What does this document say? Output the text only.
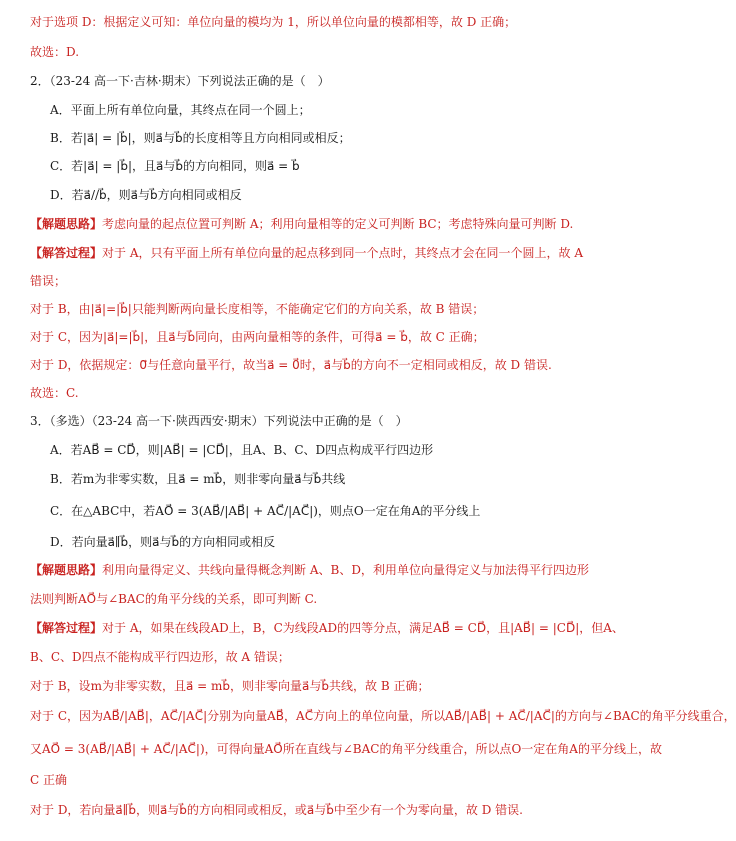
对于选项 D：根据定义可知：单位向量的模均为 1，所以单位向量的模都相等，故 D 正确；
故选：D.
2．（23-24 高一下·吉林·期末）下列说法正确的是（　）
A．平面上所有单位向量，其终点在同一个圆上；
B．若|a⃗| = |b⃗|，则a⃗与b⃗的长度相等且方向相同或相反；
C．若|a⃗| = |b⃗|，且a⃗与b⃗的方向相同，则a⃗ = b⃗
D．若a⃗//b⃗，则a⃗与b⃗方向相同或相反
【解题思路】考虑向量的起点位置可判断 A；利用向量相等的定义可判断 BC；考虑特殊向量可判断 D.
【解答过程】对于 A，只有平面上所有单位向量的起点移到同一个点时，其终点才会在同一个圆上，故 A
错误；
对于 B，由|a⃗|=|b⃗|只能判断两向量长度相等，不能确定它们的方向关系，故 B 错误；
对于 C，因为|a⃗|=|b⃗|，且a⃗与b⃗同向，由两向量相等的条件，可得a⃗ = b⃗，故 C 正确；
对于 D，依据规定：0⃗与任意向量平行，故当a⃗ = 0⃗时，a⃗与b⃗的方向不一定相同或相反，故 D 错误.
故选：C.
3．（多选）（23-24 高一下·陕西西安·期末）下列说法中正确的是（　）
A．若AB⃗ = CD⃗，则|AB⃗| = |CD⃗|，且A、B、C、D四点构成平行四边形
B．若m为非零实数，且a⃗ = mb⃗，则非零向量a⃗与b⃗共线
C．在△ABC中，若AO⃗ = 3(AB⃗/|AB⃗| + AC⃗/|AC⃗|)，则点O一定在角A的平分线上
D．若向量a⃗∥b⃗，则a⃗与b⃗的方向相同或相反
【解题思路】利用向量得定义、共线向量得概念判断 A、B、D，利用单位向量得定义与加法得平行四边形
法则判断AO⃗与∠BAC的角平分线的关系，即可判断 C.
【解答过程】对于 A，如果在线段AD上，B，C为线段AD的四等分点，满足AB⃗ = CD⃗，且|AB⃗| = |CD⃗|，但A、
B、C、D四点不能构成平行四边形，故 A 错误；
对于 B，设m为非零实数，且a⃗ = mb⃗，则非零向量a⃗与b⃗共线，故 B 正确；
对于 C，因为AB⃗/|AB⃗|，AC⃗/|AC⃗|分别为向量AB⃗，AC⃗方向上的单位向量，所以AB⃗/|AB⃗| + AC⃗/|AC⃗|的方向与∠BAC的角平分线重合，
又AO⃗ = 3(AB⃗/|AB⃗| + AC⃗/|AC⃗|)，可得向量AO⃗所在直线与∠BAC的角平分线重合，所以点O一定在角A的平分线上，故
C 正确
对于 D，若向量a⃗∥b⃗，则a⃗与b⃗的方向相同或相反，或a⃗与b⃗中至少有一个为零向量，故 D 错误.
